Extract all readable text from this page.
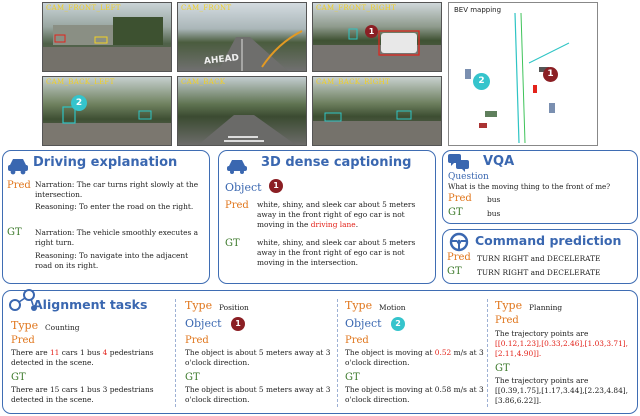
CAM_FRONT_LEFT	CAM_FRONT
AHEAD
CAM_FRONT_RIGHT
1
CAM_BACK_LEFT
2
CAM_BACK	CAM_BACK_RIGHT
BEV mapping
1
2
Driving explanation
Pred Narration: The car turns right slowly at the intersection.
Reasoning: To enter the road on the right.
GT Narration: The vehicle smoothly executes a right turn.
Reasoning: To navigate into the adjacent road on its right.
3D dense captioning
Object	1
Pred white, shiny, and sleek car about 5 meters away in the front right of ego car is not moving in the driving lane.
GT white, shiny, and sleek car about 5 meters away in the front right of ego car is not moving in the intersection.
VQA
Question
What is the moving thing to the front of me?
Pred bus
GT	bus
Command prediction
Pred TURN RIGHT and DECELERATE
GT TURN RIGHT and DECELERATE
Alignment tasks
Type Counting
Pred
There are 11 cars 1 bus 4 pedestrians detected in the scene.
GT
There are 15 cars 1 bus 3 pedestrians detected in the scene.
Type Position
Object	1
Pred
The object is about 5 meters away at 3 o'clock direction.
GT
The object is about 5 meters away at 3 o'clock direction.
Type Motion
Object	2
Pred
The object is moving at 0.52 m/s at 3 o'clock direction.
GT
The object is moving at 0.58 m/s at 3 o'clock direction.
Type Planning
Pred
The trajectory points are
[[0.12,1.23],[0.33,2.46],[1.03,3.71],[2.11,4.90]].
GT
The trajectory points are
[[0.39,1.75],[1.17,3.44],[2.23,4.84],[3.86,6.22]].
